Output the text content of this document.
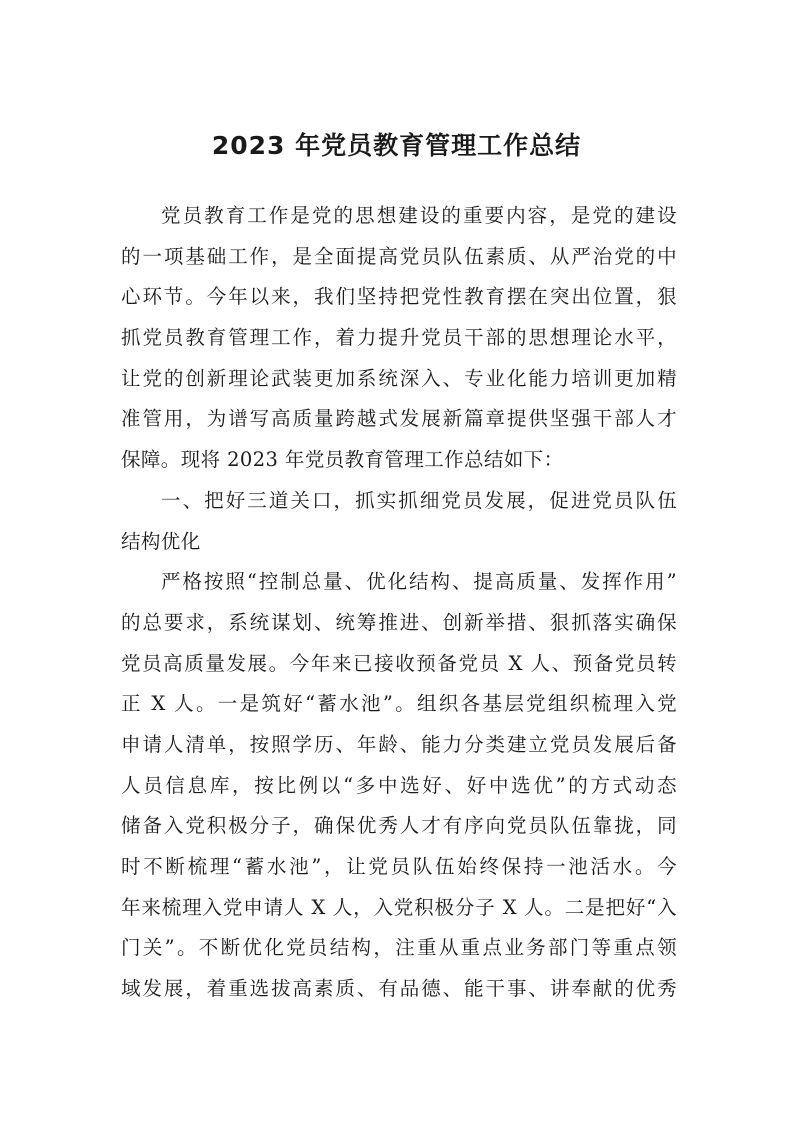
2023 年党员教育管理工作总结
党员教育工作是党的思想建设的重要内容，是党的建设
的一项基础工作，是全面提高党员队伍素质、从严治党的中
心环节。今年以来，我们坚持把党性教育摆在突出位置，狠
抓党员教育管理工作，着力提升党员干部的思想理论水平，
让党的创新理论武装更加系统深入、专业化能力培训更加精
准管用，为谱写高质量跨越式发展新篇章提供坚强干部人才
保障。现将 2023 年党员教育管理工作总结如下：
一、把好三道关口，抓实抓细党员发展，促进党员队伍
结构优化
严格按照“控制总量、优化结构、提高质量、发挥作用”
的总要求，系统谋划、统筹推进、创新举措、狠抓落实确保
党员高质量发展。今年来已接收预备党员 X 人、预备党员转
正 X 人。一是筑好“蓄水池”。组织各基层党组织梳理入党
申请人清单，按照学历、年龄、能力分类建立党员发展后备
人员信息库，按比例以“多中选好、好中选优”的方式动态
储备入党积极分子，确保优秀人才有序向党员队伍靠拢，同
时不断梳理“蓄水池”，让党员队伍始终保持一池活水。今
年来梳理入党申请人 X 人，入党积极分子 X 人。二是把好“入
门关”。不断优化党员结构，注重从重点业务部门等重点领
域发展，着重选拔高素质、有品德、能干事、讲奉献的优秀
